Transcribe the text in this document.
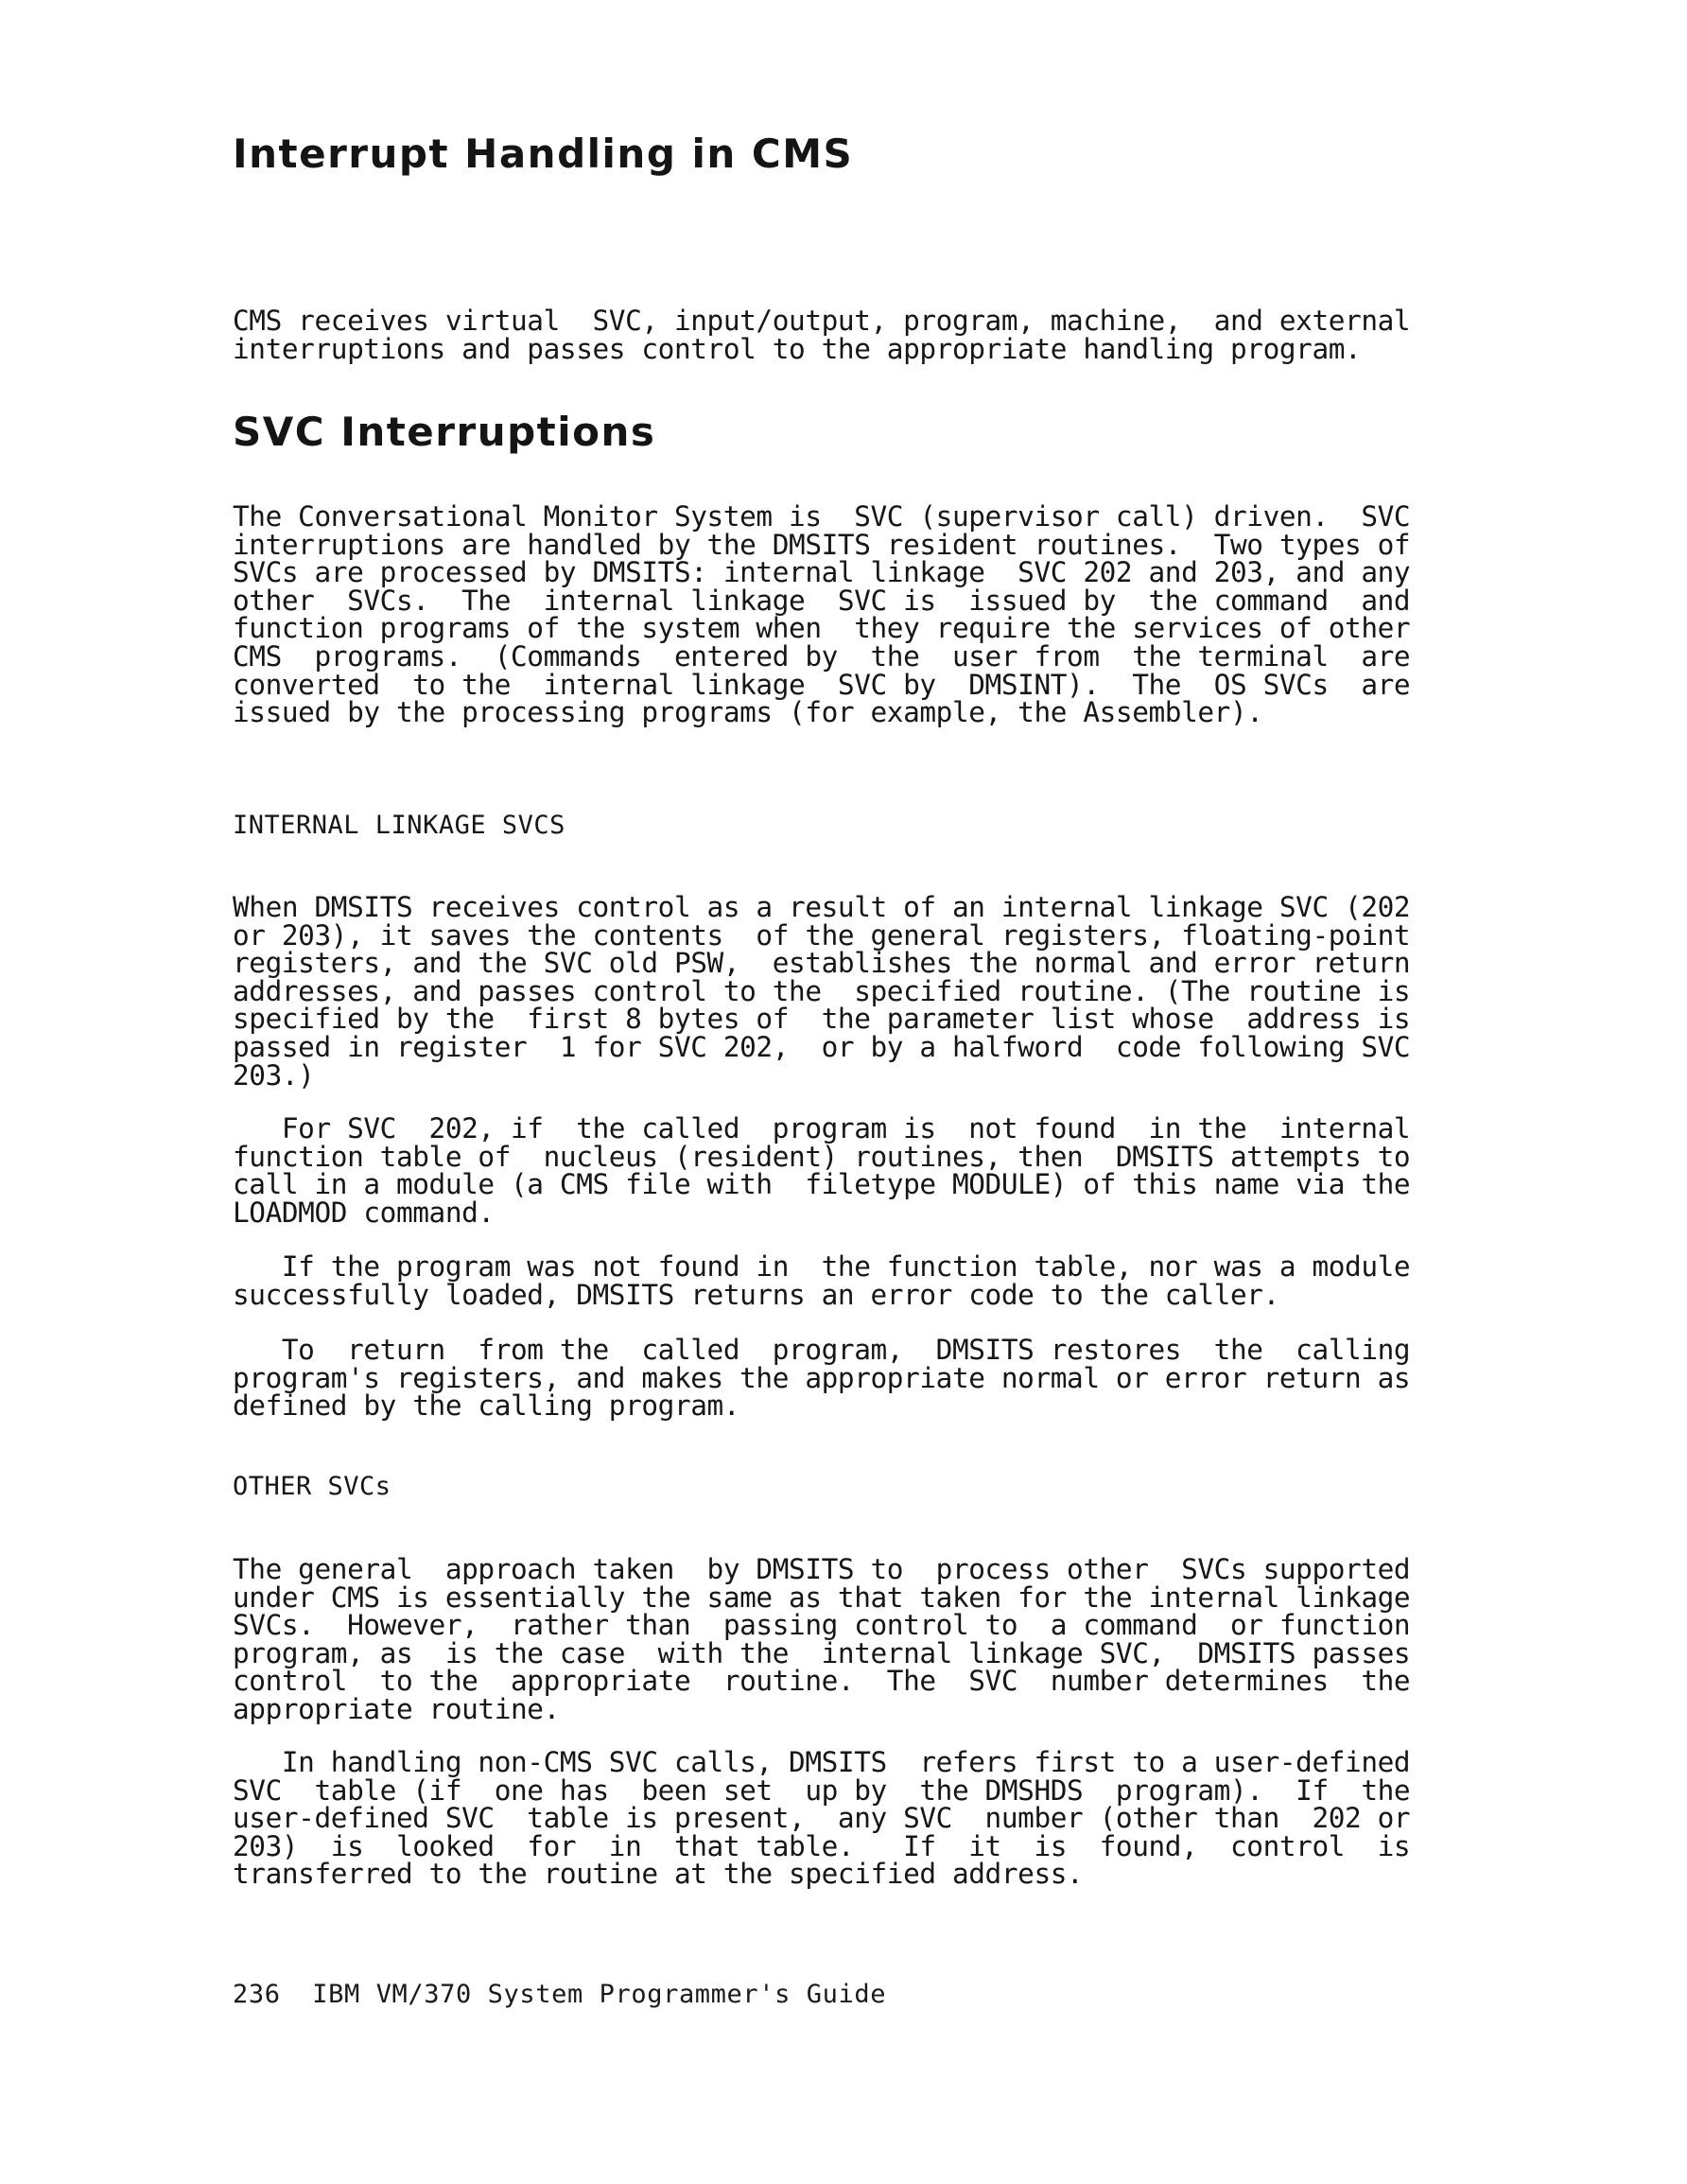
Interrupt Handling in CMS

CMS receives virtual  SVC, input/output, program, machine,  and external
interruptions and passes control to the appropriate handling program.

SVC Interruptions

The Conversational Monitor System is  SVC (supervisor call) driven.  SVC
interruptions are handled by the DMSITS resident routines.  Two types of
SVCs are processed by DMSITS: internal linkage  SVC 202 and 203, and any
other  SVCs.  The  internal linkage  SVC is  issued by  the command  and
function programs of the system when  they require the services of other
CMS  programs.  (Commands  entered by  the  user from  the terminal  are
converted  to the  internal linkage  SVC by  DMSINT).  The  OS SVCs  are
issued by the processing programs (for example, the Assembler).

INTERNAL LINKAGE SVCS

When DMSITS receives control as a result of an internal linkage SVC (202
or 203), it saves the contents  of the general registers, floating-point
registers, and the SVC old PSW,  establishes the normal and error return
addresses, and passes control to the  specified routine. (The routine is
specified by the  first 8 bytes of  the parameter list whose  address is
passed in register  1 for SVC 202,  or by a halfword  code following SVC
203.)

For SVC  202, if  the called  program is  not found  in the  internal
function table of  nucleus (resident) routines, then  DMSITS attempts to
call in a module (a CMS file with  filetype MODULE) of this name via the
LOADMOD command.

If the program was not found in  the function table, nor was a module
successfully loaded, DMSITS returns an error code to the caller.

To  return  from the  called  program,  DMSITS restores  the  calling
program's registers, and makes the appropriate normal or error return as
defined by the calling program.

OTHER SVCs

The general  approach taken  by DMSITS to  process other  SVCs supported
under CMS is essentially the same as that taken for the internal linkage
SVCs.  However,  rather than  passing control to  a command  or function
program, as  is the case  with the  internal linkage SVC,  DMSITS passes
control  to the  appropriate  routine.  The  SVC  number determines  the
appropriate routine.

In handling non-CMS SVC calls, DMSITS  refers first to a user-defined
SVC  table (if  one has  been set  up by  the DMSHDS  program).  If  the
user-defined SVC  table is present,  any SVC  number (other than  202 or
203)  is  looked  for  in  that table.   If  it  is  found,  control  is
transferred to the routine at the specified address.

236  IBM VM/370 System Programmer's Guide
